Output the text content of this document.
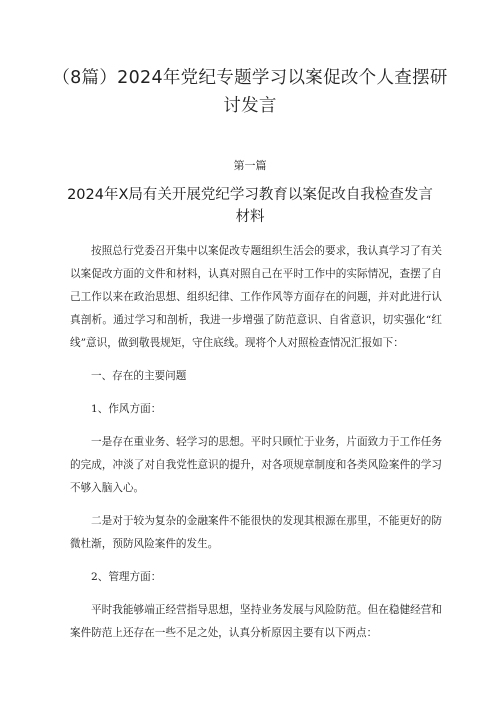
（8篇）2024年党纪专题学习以案促改个人查摆研
讨发言
第一篇
2024年X局有关开展党纪学习教育以案促改自我检查发言
材料

按照总行党委召开集中以案促改专题组织生活会的要求，我认真学习了有关以案促改方面的文件和材料，认真对照自己在平时工作中的实际情况，查摆了自己工作以来在政治思想、组织纪律、工作作风等方面存在的问题，并对此进行认真剖析。通过学习和剖析，我进一步增强了防范意识、自省意识，切实强化“红线”意识，做到敬畏规矩，守住底线。现将个人对照检查情况汇报如下：

一、存在的主要问题

1、作风方面：

一是存在重业务、轻学习的思想。平时只顾忙于业务，片面致力于工作任务的完成，冲淡了对自我党性意识的提升，对各项规章制度和各类风险案件的学习不够入脑入心。

二是对于较为复杂的金融案件不能很快的发现其根源在那里，不能更好的防微杜渐，预防风险案件的发生。

2、管理方面：

平时我能够端正经营指导思想，坚持业务发展与风险防范。但在稳健经营和案件防范上还存在一些不足之处，认真分析原因主要有以下两点：
